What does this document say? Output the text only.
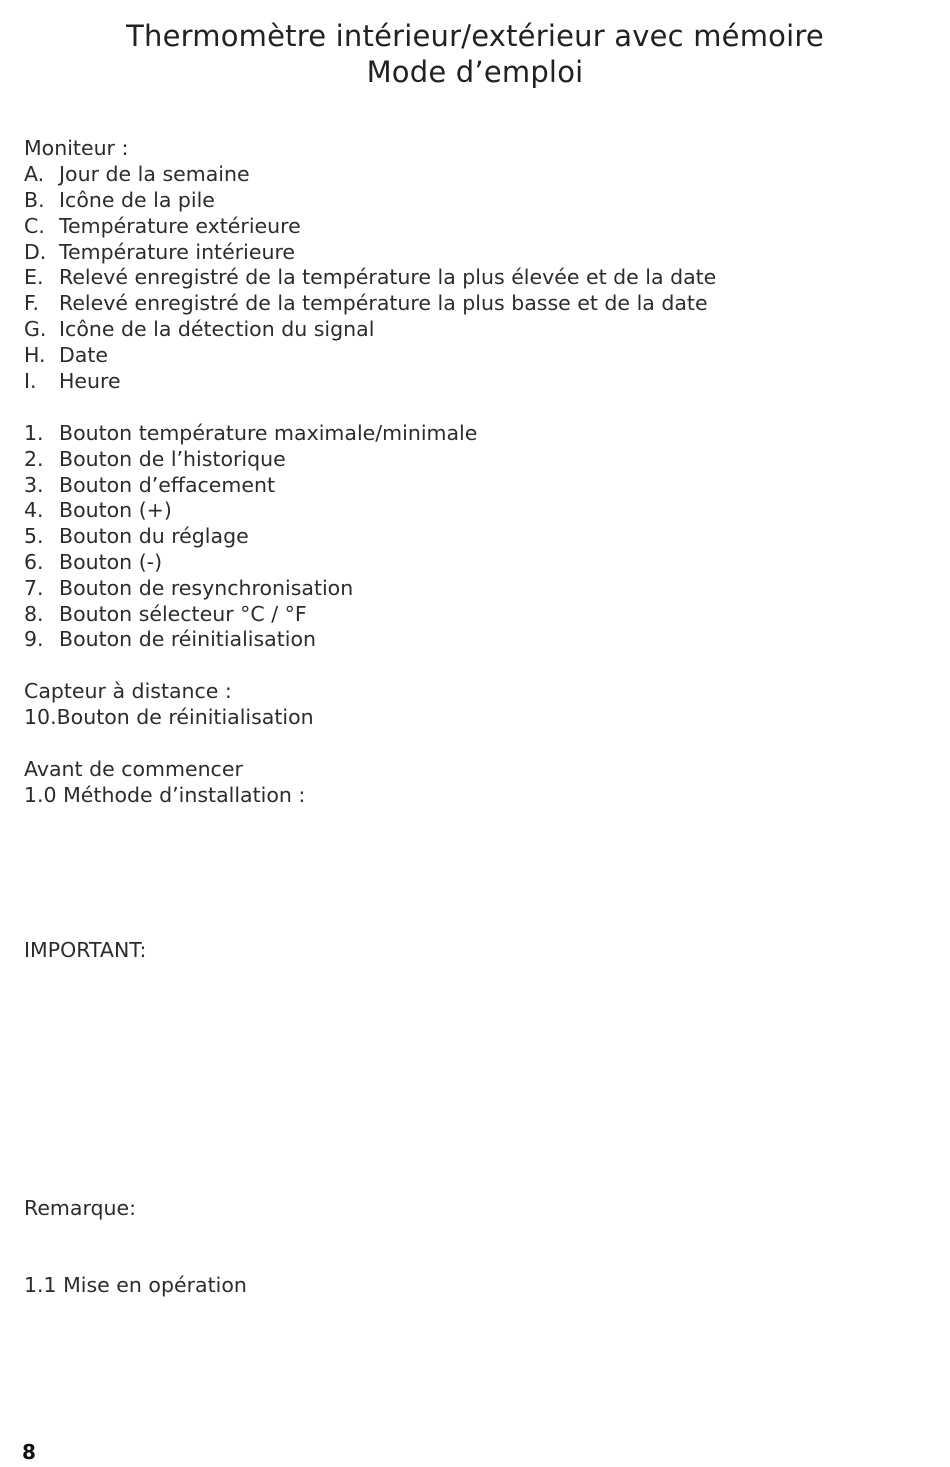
Thermomètre intérieur/extérieur avec mémoire
Mode d’emploi
Moniteur :
A. Jour de la semaine
B. Icône de la pile
C. Température extérieure
D. Température intérieure
E. Relevé enregistré de la température la plus élevée et de la date
F. Relevé enregistré de la température la plus basse et de la date
G. Icône de la détection du signal
H. Date
I. Heure
1. Bouton température maximale/minimale
2. Bouton de l’historique
3. Bouton d’effacement
4. Bouton (+)
5. Bouton du réglage
6. Bouton (-)
7. Bouton de resynchronisation
8. Bouton sélecteur °C / °F
9. Bouton de réinitialisation
Capteur à distance :
10.Bouton de réinitialisation
Avant de commencer
1.0 Méthode d’installation :
IMPORTANT:
Remarque:
1.1 Mise en opération
8
